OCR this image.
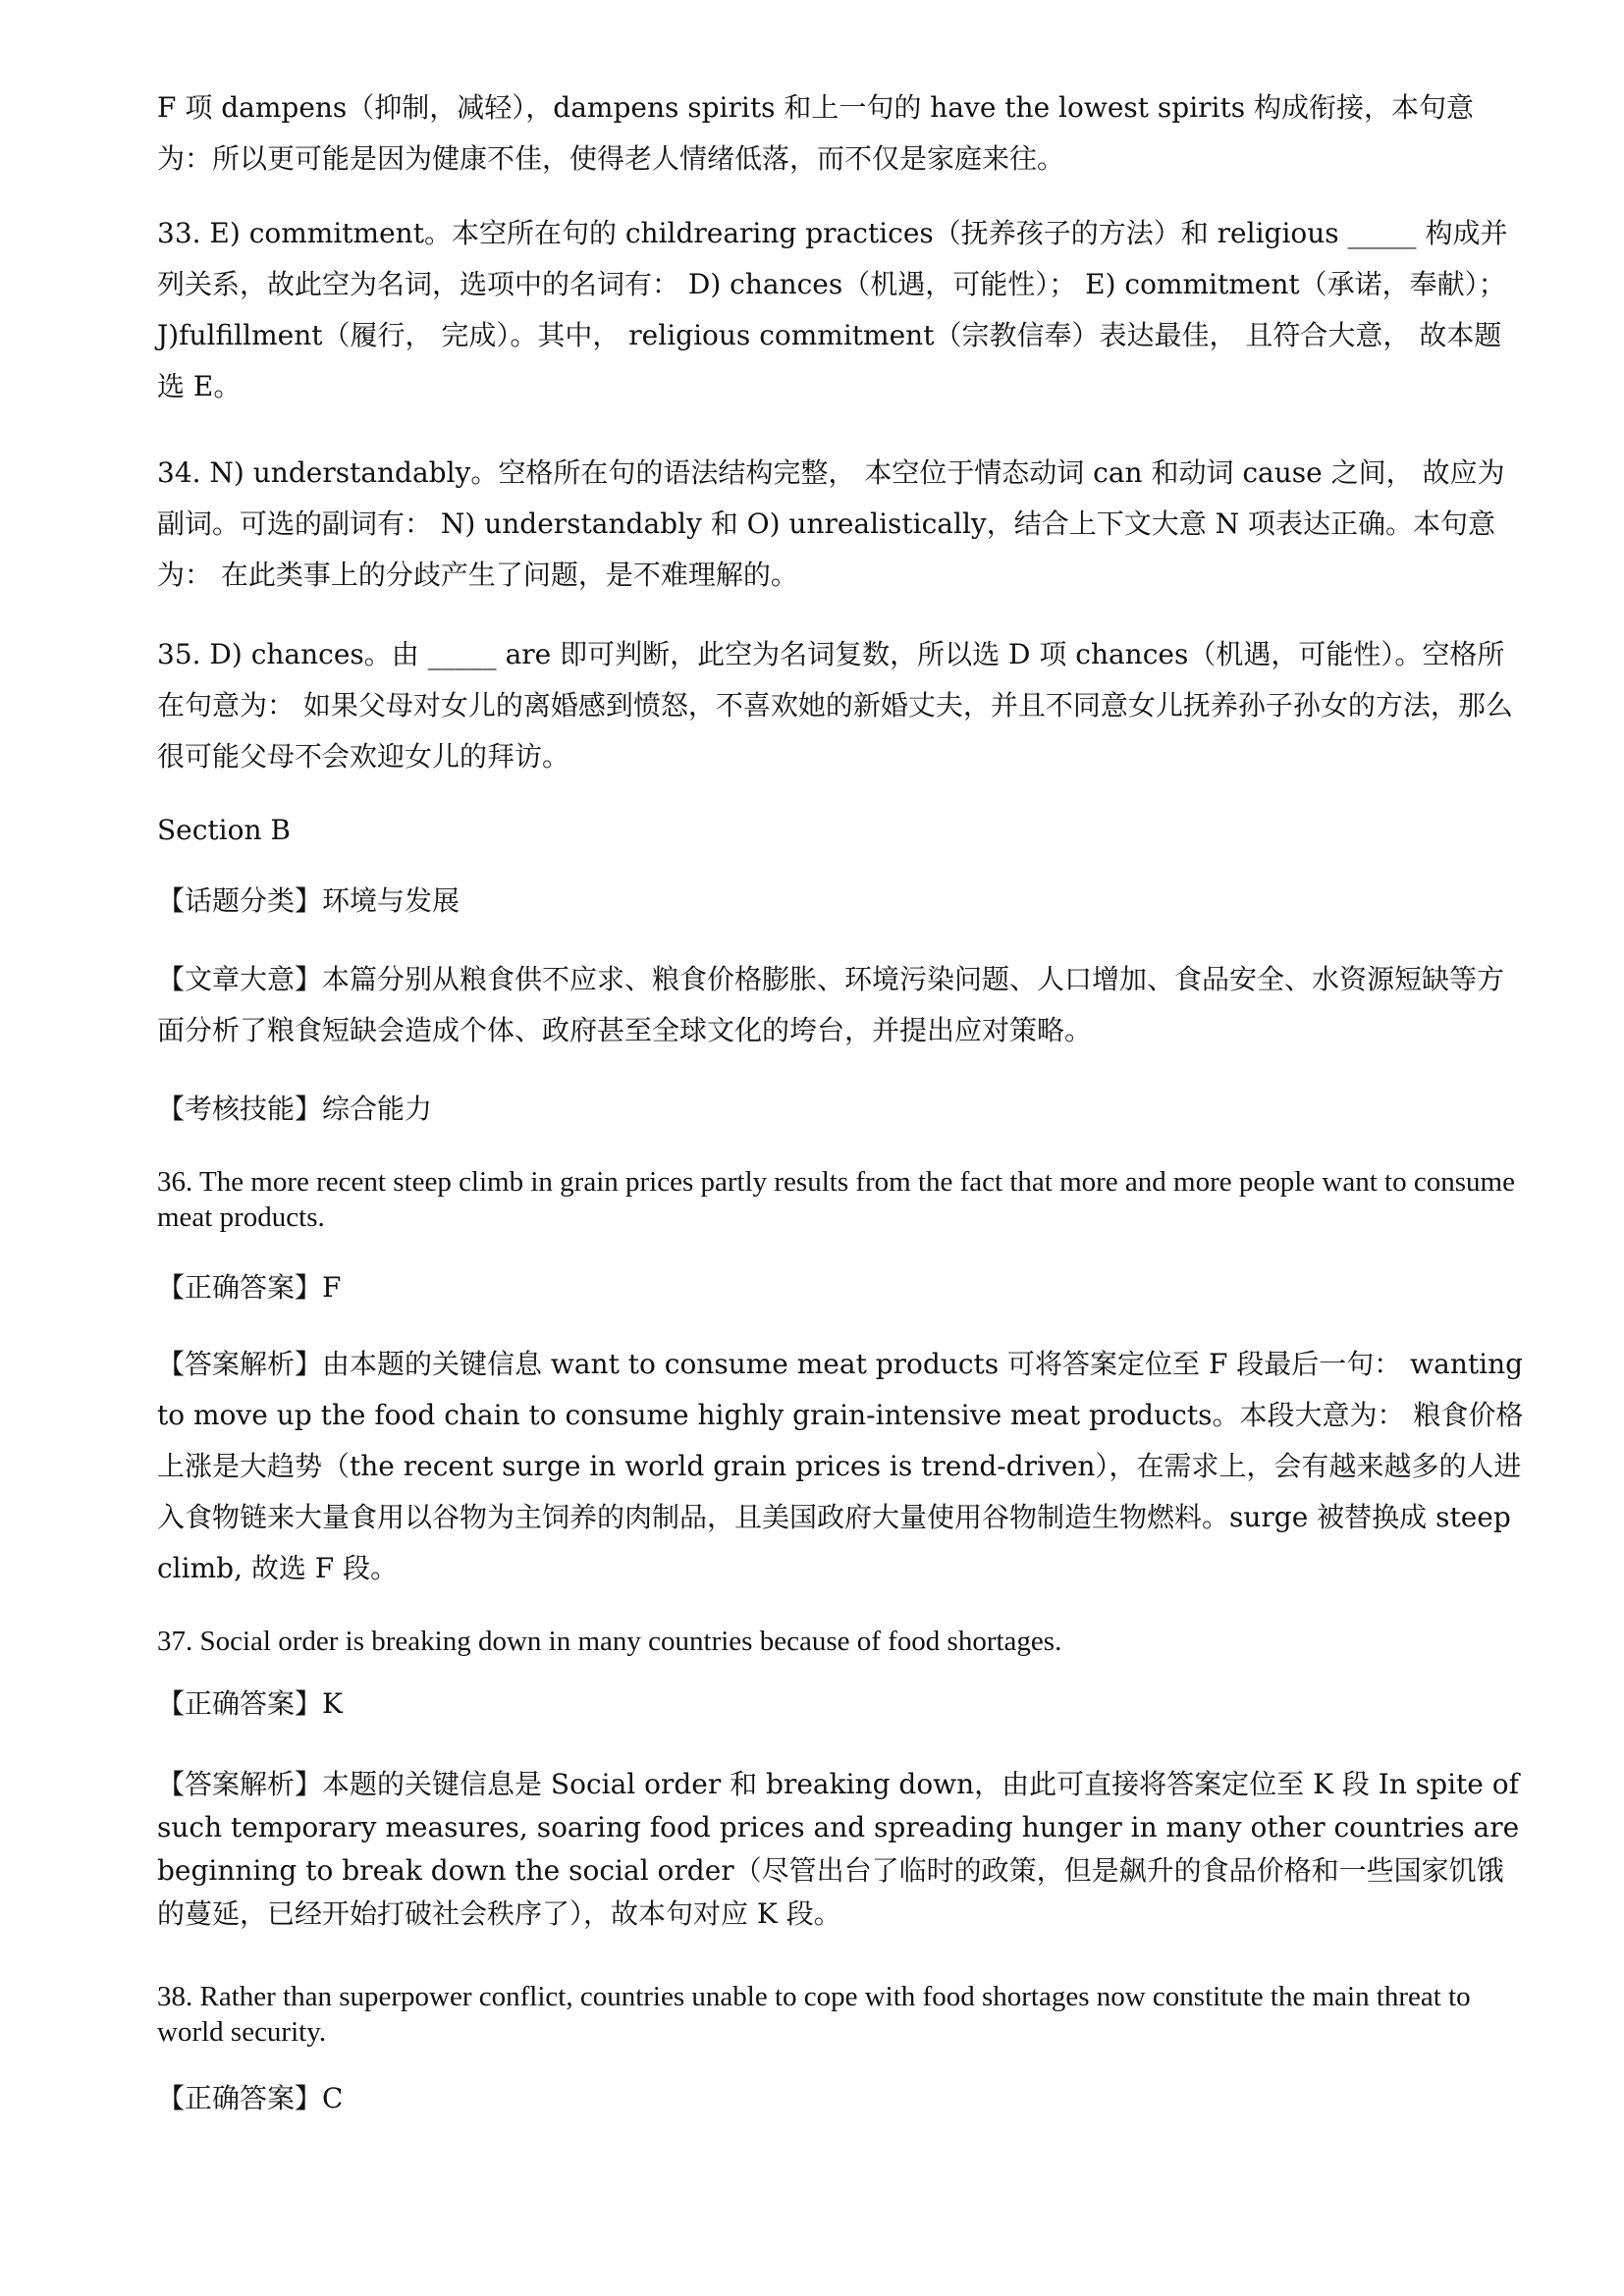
F 项 dampens（抑制，减轻），dampens spirits 和上一句的 have the lowest spirits 构成衔接，本句意为：所以更可能是因为健康不佳，使得老人情绪低落，而不仅是家庭来往。

33. E) commitment。本空所在句的 childrearing practices（抚养孩子的方法）和 religious _____ 构成并列关系，故此空为名词，选项中的名词有： D) chances（机遇，可能性）； E) commitment（承诺，奉献）； J)fulfillment（履行， 完成）。其中， religious commitment（宗教信奉）表达最佳， 且符合大意， 故本题选 E。

34. N) understandably。空格所在句的语法结构完整， 本空位于情态动词 can 和动词 cause 之间， 故应为副词。可选的副词有： N) understandably 和 O) unrealistically，结合上下文大意 N 项表达正确。本句意为： 在此类事上的分歧产生了问题，是不难理解的。

35. D) chances。由 _____ are 即可判断，此空为名词复数，所以选 D 项 chances（机遇，可能性）。空格所在句意为： 如果父母对女儿的离婚感到愤怒，不喜欢她的新婚丈夫，并且不同意女儿抚养孙子孙女的方法，那么很可能父母不会欢迎女儿的拜访。

Section B

【话题分类】环境与发展

【文章大意】本篇分别从粮食供不应求、粮食价格膨胀、环境污染问题、人口增加、食品安全、水资源短缺等方面分析了粮食短缺会造成个体、政府甚至全球文化的垮台，并提出应对策略。

【考核技能】综合能力

36. The more recent steep climb in grain prices partly results from the fact that more and more people want to consume meat products.

【正确答案】F

【答案解析】由本题的关键信息 want to consume meat products 可将答案定位至 F 段最后一句： wanting to move up the food chain to consume highly grain-intensive meat products。本段大意为： 粮食价格上涨是大趋势（the recent surge in world grain prices is trend-driven），在需求上，会有越来越多的人进入食物链来大量食用以谷物为主饲养的肉制品，且美国政府大量使用谷物制造生物燃料。surge 被替换成 steep climb, 故选 F 段。

37. Social order is breaking down in many countries because of food shortages.

【正确答案】K

【答案解析】本题的关键信息是 Social order 和 breaking down，由此可直接将答案定位至 K 段 In spite of such temporary measures, soaring food prices and spreading hunger in many other countries are beginning to break down the social order（尽管出台了临时的政策，但是飙升的食品价格和一些国家饥饿的蔓延，已经开始打破社会秩序了），故本句对应 K 段。

38. Rather than superpower conflict, countries unable to cope with food shortages now constitute the main threat to world security.

【正确答案】C
